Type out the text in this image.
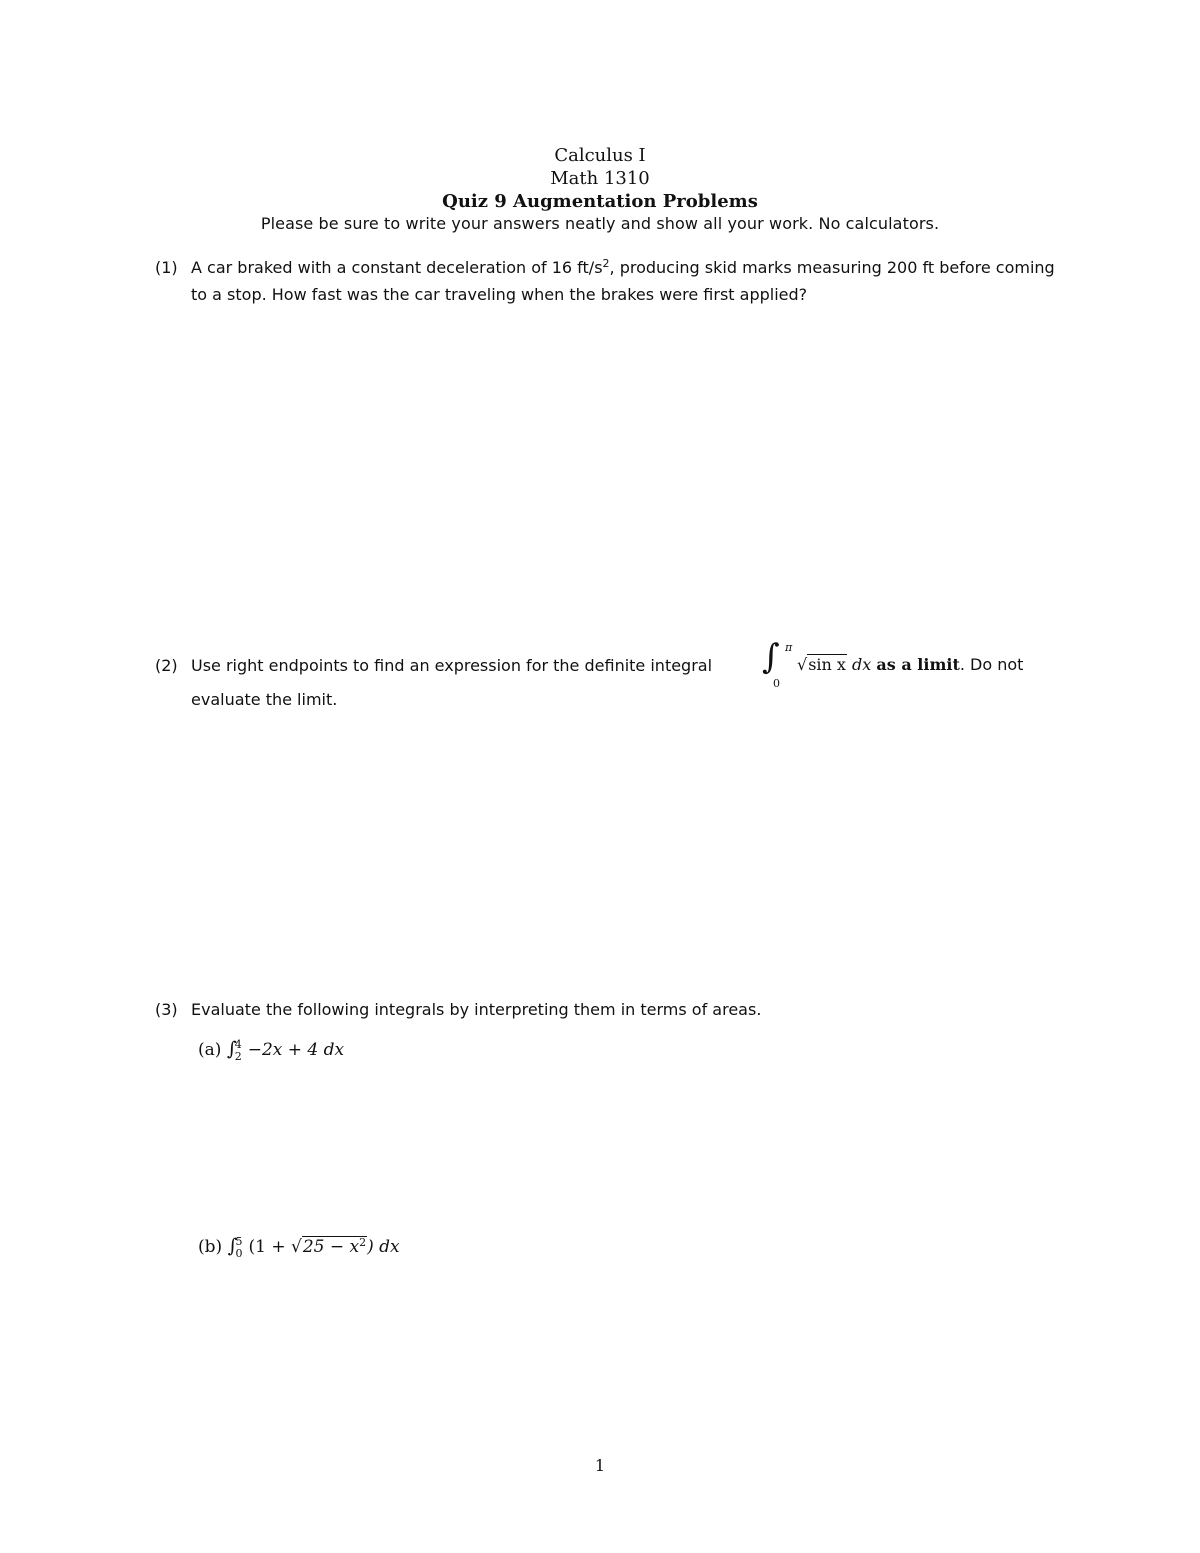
Calculus I
Math 1310
Quiz 9 Augmentation Problems
Please be sure to write your answers neatly and show all your work. No calculators.
(1) A car braked with a constant deceleration of 16 $ft/s^2$, producing skid marks measuring 200 ft before coming to a stop. How fast was the car traveling when the brakes were first applied?
(2) Use right endpoints to find an expression for the definite integral
evaluate the limit.
∫ π
0
√sin x dx as a limit. Do not
(3) Evaluate the following integrals by interpreting them in terms of areas.
(a) ∫
4
2 −2x + 4 dx
(b) ∫
5
0 $(1 + √25 - x^2)$ dx
1
